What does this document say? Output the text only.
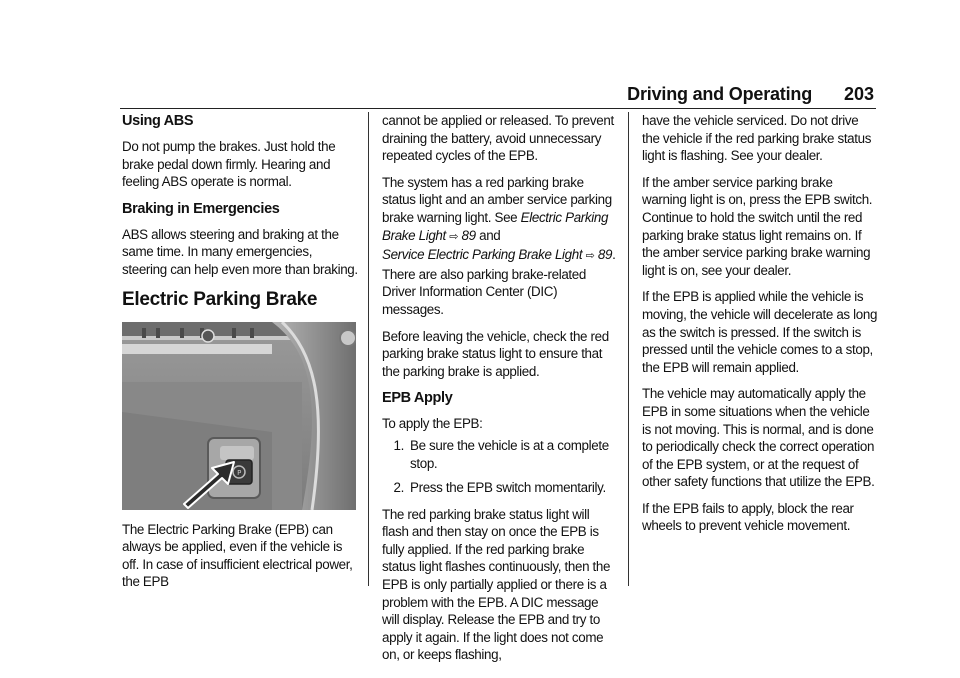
Driving and Operating 203
Using ABS

Do not pump the brakes. Just hold the brake pedal down firmly. Hearing and feeling ABS operate is normal.

Braking in Emergencies

ABS allows steering and braking at the same time. In many emergencies, steering can help even more than braking.

Electric Parking Brake
P

The Electric Parking Brake (EPB) can always be applied, even if the vehicle is off. In case of insufficient electrical power, the EPB

cannot be applied or released. To prevent draining the battery, avoid unnecessary repeated cycles of the EPB.

The system has a red parking brake status light and an amber service parking brake warning light. See Electric Parking Brake Light ⇨ 89 and
Service Electric Parking Brake Light ⇨ 89. There are also parking brake-related Driver Information Center (DIC) messages.

Before leaving the vehicle, check the red parking brake status light to ensure that the parking brake is applied.

EPB Apply

To apply the EPB:

1. Be sure the vehicle is at a complete stop.
2. Press the EPB switch momentarily.

The red parking brake status light will flash and then stay on once the EPB is fully applied. If the red parking brake status light flashes continuously, then the EPB is only partially applied or there is a problem with the EPB. A DIC message will display. Release the EPB and try to apply it again. If the light does not come on, or keeps flashing,

have the vehicle serviced. Do not drive the vehicle if the red parking brake status light is flashing. See your dealer.

If the amber service parking brake warning light is on, press the EPB switch. Continue to hold the switch until the red parking brake status light remains on. If the amber service parking brake warning light is on, see your dealer.

If the EPB is applied while the vehicle is moving, the vehicle will decelerate as long as the switch is pressed. If the switch is pressed until the vehicle comes to a stop, the EPB will remain applied.

The vehicle may automatically apply the EPB in some situations when the vehicle is not moving. This is normal, and is done to periodically check the correct operation of the EPB system, or at the request of other safety functions that utilize the EPB.

If the EPB fails to apply, block the rear wheels to prevent vehicle movement.
